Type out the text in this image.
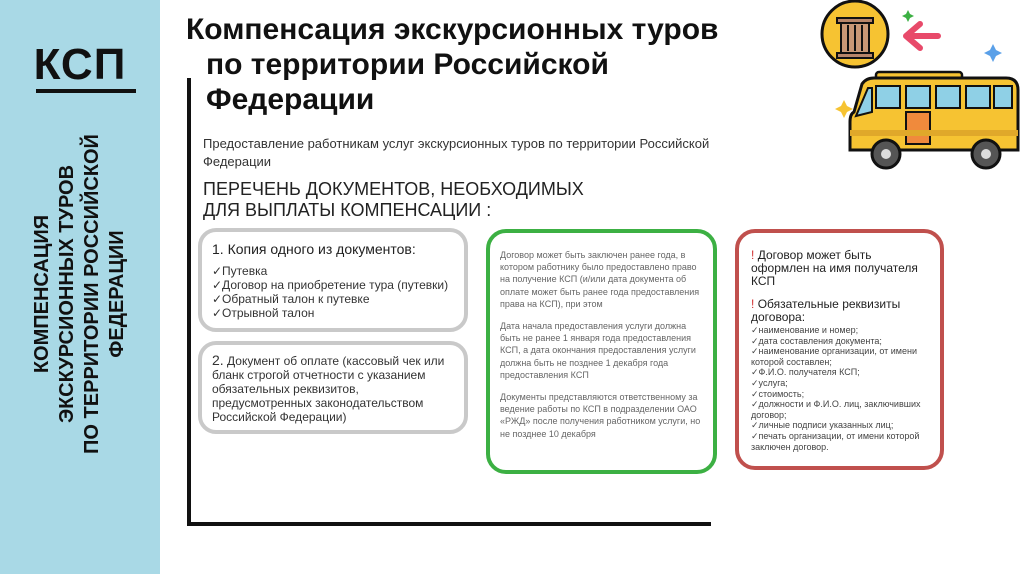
КСП
КОМПЕНСАЦИЯ ЭКСКУРСИОННЫХ ТУРОВ ПО ТЕРРИТОРИИ РОССИЙСКОЙ ФЕДЕРАЦИИ
Компенсация экскурсионных туров
по территории Российской
Федерации
Предоставление работникам услуг экскурсионных туров по территории Российской Федерации
ПЕРЕЧЕНЬ ДОКУМЕНТОВ, НЕОБХОДИМЫХ
ДЛЯ ВЫПЛАТЫ КОМПЕНСАЦИИ :
1. Копия одного из документов:
✓Путевка
✓Договор на приобретение тура (путевки)
✓Обратный талон к путевке
✓Отрывной талон
2. Документ об оплате (кассовый чек или бланк строгой отчетности с указанием обязательных реквизитов, предусмотренных законодательством Российской Федерации)

Договор может быть заключен ранее года, в котором работнику было предоставлено право на получение КСП (и/или дата документа об оплате может быть ранее года предоставления права на КСП), при этом

Дата начала предоставления услуги должна быть не ранее 1 января года предоставления КСП, а дата окончания предоставления услуги должна быть не позднее 1 декабря года предоставления КСП

Документы представляются ответственному за ведение работы по КСП в подразделении ОАО «РЖД» после получения работником услуги, но не позднее 10 декабря

! Договор может быть оформлен на имя получателя КСП
! Обязательные реквизиты договора:
✓наименование и номер;
✓дата составления документа;
✓наименование организации, от имени которой составлен;
✓Ф.И.О. получателя КСП;
✓услуга;
✓стоимость;
✓должности и Ф.И.О. лиц, заключивших договор;
✓личные подписи указанных лиц;
✓печать организации, от имени которой заключен договор.
